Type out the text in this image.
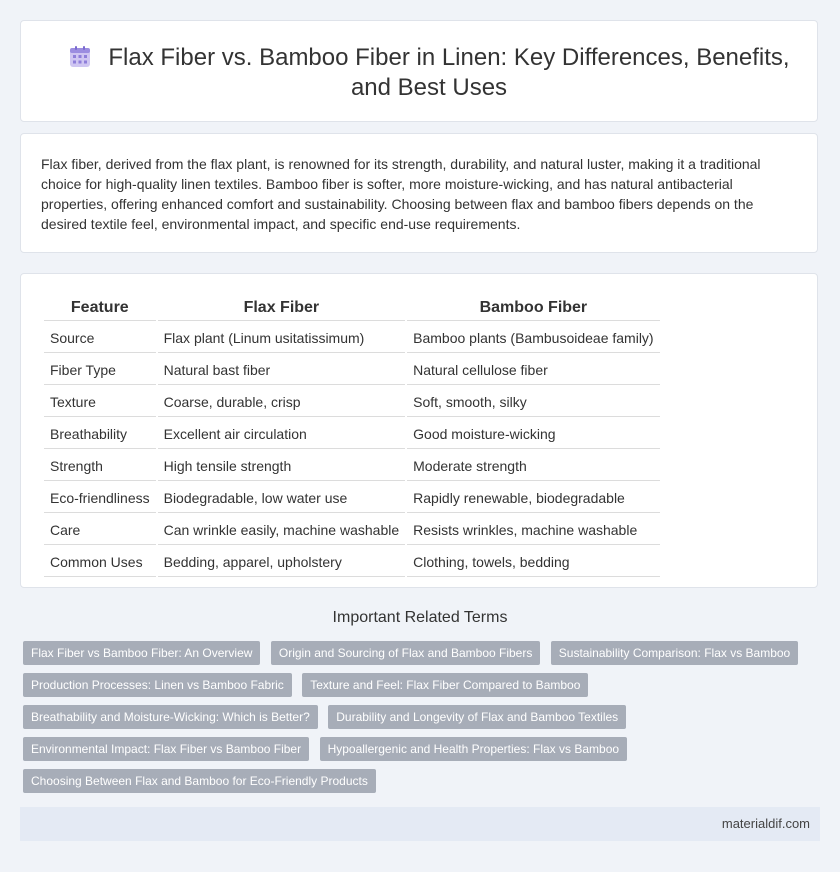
Flax Fiber vs. Bamboo Fiber in Linen: Key Differences, Benefits, and Best Uses

Flax fiber, derived from the flax plant, is renowned for its strength, durability, and natural luster, making it a traditional choice for high-quality linen textiles. Bamboo fiber is softer, more moisture-wicking, and has natural antibacterial properties, offering enhanced comfort and sustainability. Choosing between flax and bamboo fibers depends on the desired textile feel, environmental impact, and specific end-use requirements.

Feature	Flax Fiber	Bamboo Fiber
Source	Flax plant (Linum usitatissimum)	Bamboo plants (Bambusoideae family)
Fiber Type	Natural bast fiber	Natural cellulose fiber
Texture	Coarse, durable, crisp	Soft, smooth, silky
Breathability	Excellent air circulation	Good moisture-wicking
Strength	High tensile strength	Moderate strength
Eco-friendliness	Biodegradable, low water use	Rapidly renewable, biodegradable
Care	Can wrinkle easily, machine washable	Resists wrinkles, machine washable
Common Uses	Bedding, apparel, upholstery	Clothing, towels, bedding
Important Related Terms
Flax Fiber vs Bamboo Fiber: An Overview Origin and Sourcing of Flax and Bamboo Fibers Sustainability Comparison: Flax vs Bamboo Production Processes: Linen vs Bamboo Fabric Texture and Feel: Flax Fiber Compared to Bamboo Breathability and Moisture-Wicking: Which is Better? Durability and Longevity of Flax and Bamboo Textiles Environmental Impact: Flax Fiber vs Bamboo Fiber Hypoallergenic and Health Properties: Flax vs Bamboo Choosing Between Flax and Bamboo for Eco-Friendly Products
materialdif.com
